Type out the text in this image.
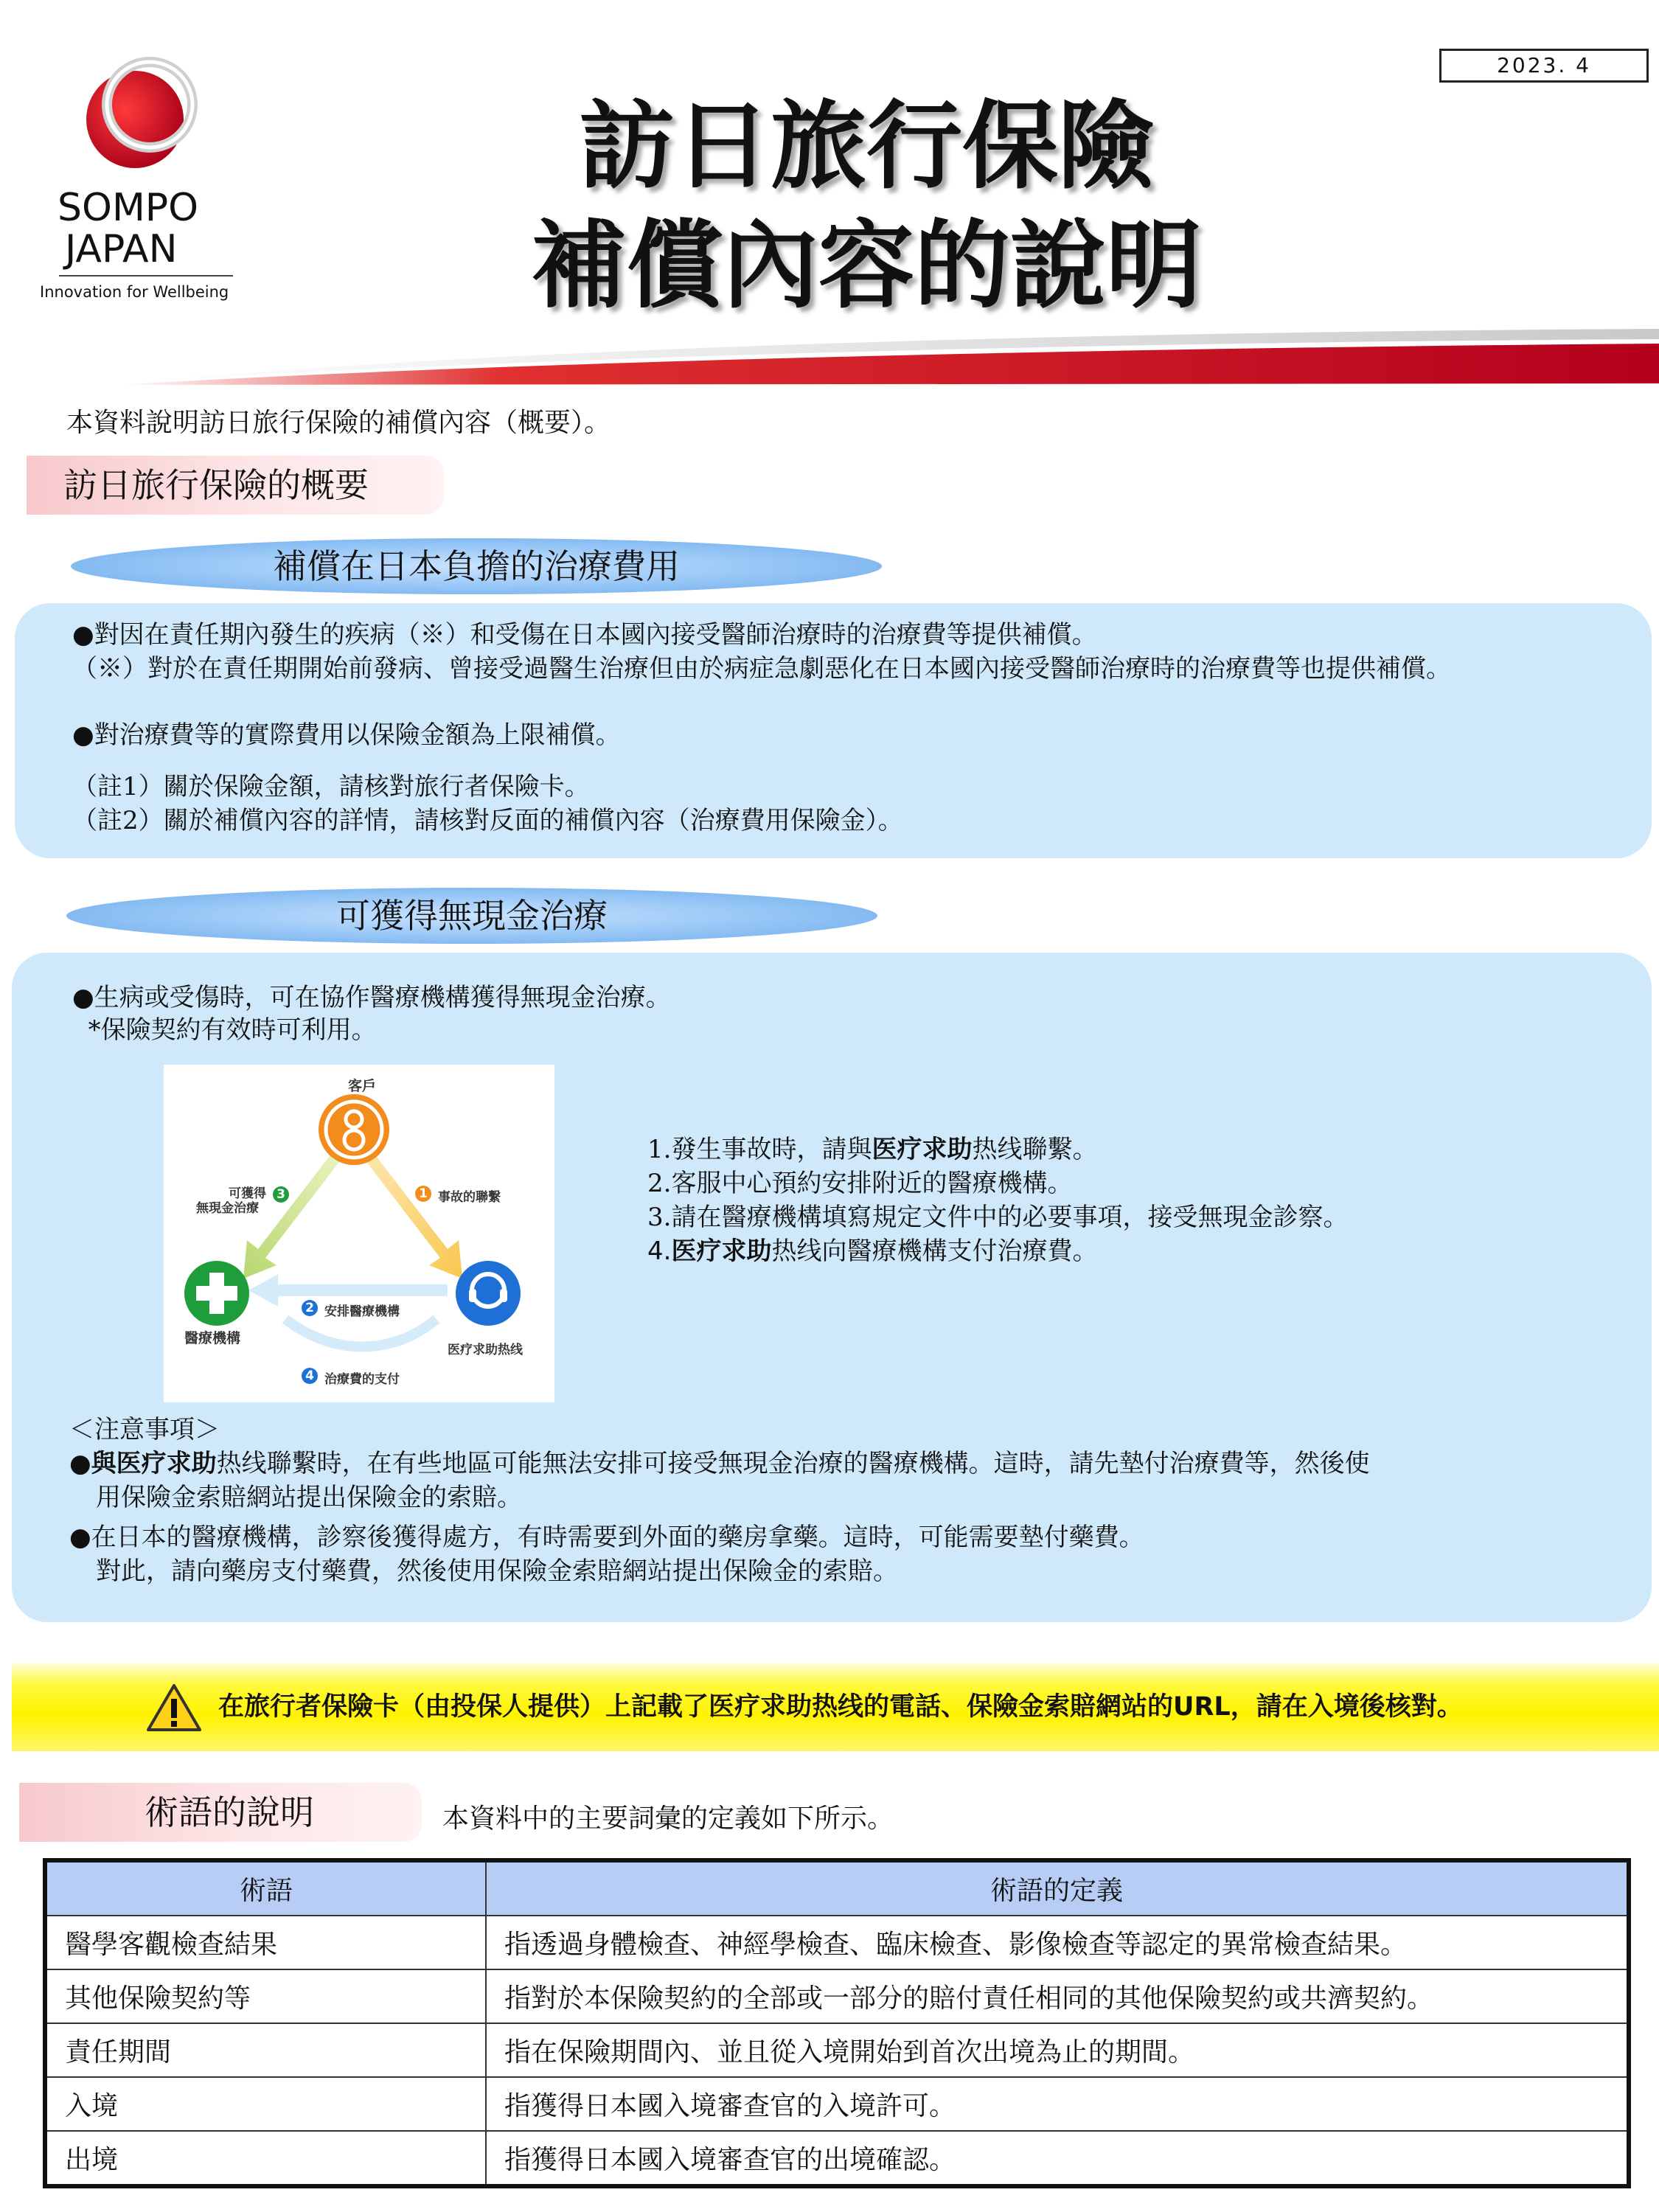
2023. 4
SOMPO
JAPAN
Innovation for Wellbeing
訪日旅行保險
補償內容的說明
本資料說明訪日旅行保險的補償內容（概要）。
訪日旅行保險的概要
補償在日本負擔的治療費用
●對因在責任期內發生的疾病（※）和受傷在日本國內接受醫師治療時的治療費等提供補償。
（※）對於在責任期開始前發病、曾接受過醫生治療但由於病症急劇惡化在日本國內接受醫師治療時的治療費等也提供補償。
●對治療費等的實際費用以保險金額為上限補償。
（註1）關於保險金額，請核對旅行者保險卡。
（註2）關於補償內容的詳情，請核對反面的補償內容（治療費用保險金）。
可獲得無現金治療
●生病或受傷時，可在協作醫療機構獲得無現金治療。
*保險契約有效時可利用。
客戶
1 事故的聯繫
3
可獲得
無現金治療
2 安排醫療機構
4 治療費的支付
醫療機構
医疗求助热线
1.發生事故時，請與医疗求助热线聯繫。
2.客服中心預約安排附近的醫療機構。
3.請在醫療機構填寫規定文件中的必要事項，接受無現金診察。
4.医疗求助热线向醫療機構支付治療費。
＜注意事項＞
●與医疗求助热线聯繫時，在有些地區可能無法安排可接受無現金治療的醫療機構。這時，請先墊付治療費等，然後使
用保險金索賠網站提出保險金的索賠。
●在日本的醫療機構，診察後獲得處方，有時需要到外面的藥房拿藥。這時，可能需要墊付藥費。
對此，請向藥房支付藥費，然後使用保險金索賠網站提出保險金的索賠。
在旅行者保險卡（由投保人提供）上記載了医疗求助热线的電話、保險金索賠網站的URL，請在入境後核對。
術語的說明	本資料中的主要詞彙的定義如下所示。
術語	術語的定義
醫學客觀檢查結果	指透過身體檢查、神經學檢查、臨床檢查、影像檢查等認定的異常檢查結果。
其他保險契約等	指對於本保險契約的全部或一部分的賠付責任相同的其他保險契約或共濟契約。
責任期間	指在保險期間內、並且從入境開始到首次出境為止的期間。
入境	指獲得日本國入境審查官的入境許可。
出境	指獲得日本國入境審查官的出境確認。
